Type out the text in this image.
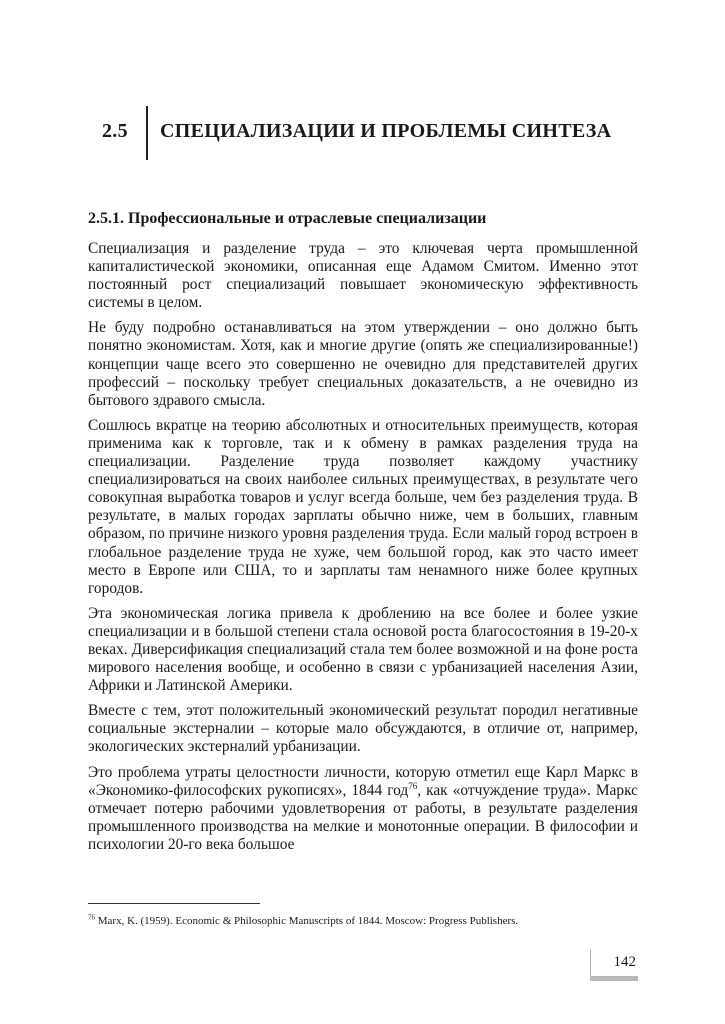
2.5 СПЕЦИАЛИЗАЦИИ И ПРОБЛЕМЫ СИНТЕЗА
2.5.1. Профессиональные и отраслевые специализации

Специализация и разделение труда – это ключевая черта промышленной капиталистической экономики, описанная еще Адамом Смитом. Именно этот постоянный рост специализаций повышает экономическую эффективность системы в целом.

Не буду подробно останавливаться на этом утверждении – оно должно быть понятно экономистам. Хотя, как и многие другие (опять же специализированные!) концепции чаще всего это совершенно не очевидно для представителей других профессий – поскольку требует специальных доказательств, а не очевидно из бытового здравого смысла.

Сошлюсь вкратце на теорию абсолютных и относительных преимуществ, которая применима как к торговле, так и к обмену в рамках разделения труда на специализации. Разделение труда позволяет каждому участнику специализироваться на своих наиболее сильных преимуществах, в результате чего совокупная выработка товаров и услуг всегда больше, чем без разделения труда. В результате, в малых городах зарплаты обычно ниже, чем в больших, главным образом, по причине низкого уровня разделения труда. Если малый город встроен в глобальное разделение труда не хуже, чем большой город, как это часто имеет место в Европе или США, то и зарплаты там ненамного ниже более крупных городов.

Эта экономическая логика привела к дроблению на все более и более узкие специализации и в большой степени стала основой роста благосостояния в 19-20-х веках. Диверсификация специализаций стала тем более возможной и на фоне роста мирового населения вообще, и особенно в связи с урбанизацией населения Азии, Африки и Латинской Америки.

Вместе с тем, этот положительный экономический результат породил негативные социальные экстерналии – которые мало обсуждаются, в отличие от, например, экологических экстерналий урбанизации.

Это проблема утраты целостности личности, которую отметил еще Карл Маркс в «Экономико-философских рукописях», 1844 год$^{76}$, как «отчуждение труда». Маркс отмечает потерю рабочими удовлетворения от работы, в результате разделения промышленного производства на мелкие и монотонные операции. В философии и психологии 20-го века большое

$^{76}$ Marx, K. (1959). Economic & Philosophic Manuscripts of 1844. Moscow: Progress Publishers.
142
